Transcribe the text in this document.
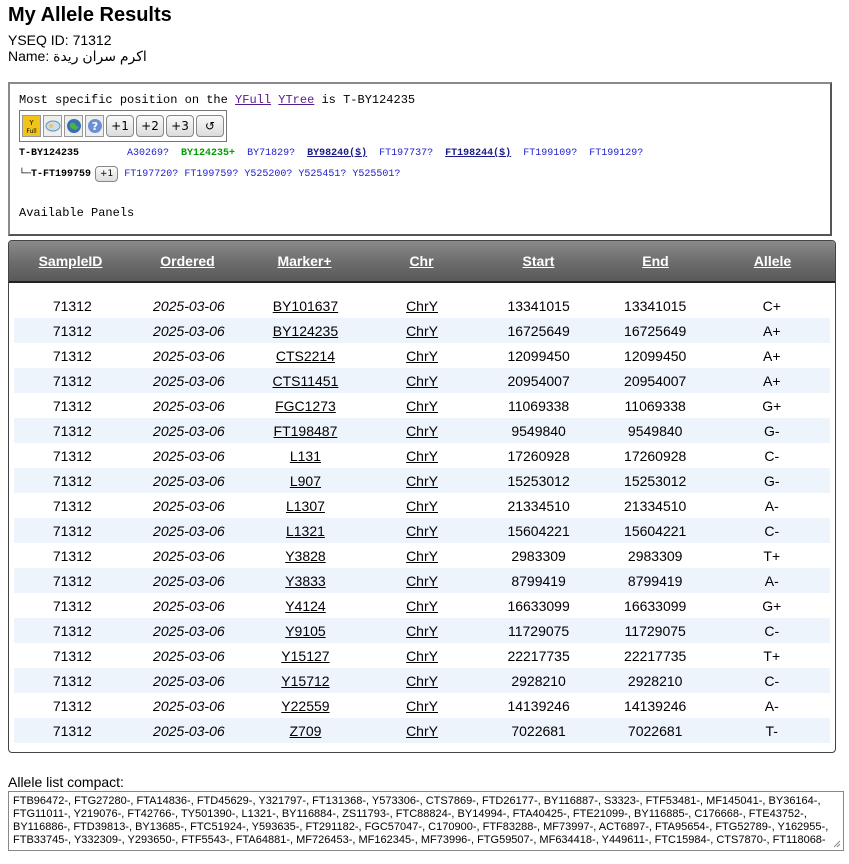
My Allele Results
YSEQ ID: 71312
Name: اكرم سران ريدة
Most specific position on the YFull YTree is T-BY124235
Y
Full	?	+1	+2	+3	↺
T-BY124235	A30269? BY124235+ BY71829? BY98240($) FT197737? FT198244($) FT199109? FT199129?
└─T-FT199759	+1	FT197720? FT199759? Y525200? Y525451? Y525501?
Available Panels
SampleID	Ordered	Marker+	Chr	Start	End	Allele
71312	2025-03-06	BY101637	ChrY	13341015	13341015	C+
71312	2025-03-06	BY124235	ChrY	16725649	16725649	A+
71312	2025-03-06	CTS2214	ChrY	12099450	12099450	A+
71312	2025-03-06	CTS11451	ChrY	20954007	20954007	A+
71312	2025-03-06	FGC1273	ChrY	11069338	11069338	G+
71312	2025-03-06	FT198487	ChrY	9549840	9549840	G-
71312	2025-03-06	L131	ChrY	17260928	17260928	C-
71312	2025-03-06	L907	ChrY	15253012	15253012	G-
71312	2025-03-06	L1307	ChrY	21334510	21334510	A-
71312	2025-03-06	L1321	ChrY	15604221	15604221	C-
71312	2025-03-06	Y3828	ChrY	2983309	2983309	T+
71312	2025-03-06	Y3833	ChrY	8799419	8799419	A-
71312	2025-03-06	Y4124	ChrY	16633099	16633099	G+
71312	2025-03-06	Y9105	ChrY	11729075	11729075	C-
71312	2025-03-06	Y15127	ChrY	22217735	22217735	T+
71312	2025-03-06	Y15712	ChrY	2928210	2928210	C-
71312	2025-03-06	Y22559	ChrY	14139246	14139246	A-
71312	2025-03-06	Z709	ChrY	7022681	7022681	T-
Allele list compact:
FTB96472-, FTG27280-, FTA14836-, FTD45629-, Y321797-, FT131368-, Y573306-, CTS7869-, FTD26177-, BY116887-, S3323-, FTF53481-, MF145041-, BY36164-, FTG11011-, Y219076-, FT42766-, TY501390-, L1321-, BY116884-, ZS11793-, FTC88824-, BY14994-, FTA40425-, FTE21099-, BY116885-, C176668-, FTE43752-, BY116886-, FTD39813-, BY13685-, FTC51924-, Y593635-, FT291182-, FGC57047-, C170900-, FTF83288-, MF73997-, ACT6897-, FTA95654-, FTG52789-, Y162955-, FTB33745-, Y332309-, Y293650-, FTF5543-, FTA64881-, MF726453-, MF162345-, MF73996-, FTG59507-, MF634418-, Y449611-, FTC15984-, CTS7870-, FT118068-
